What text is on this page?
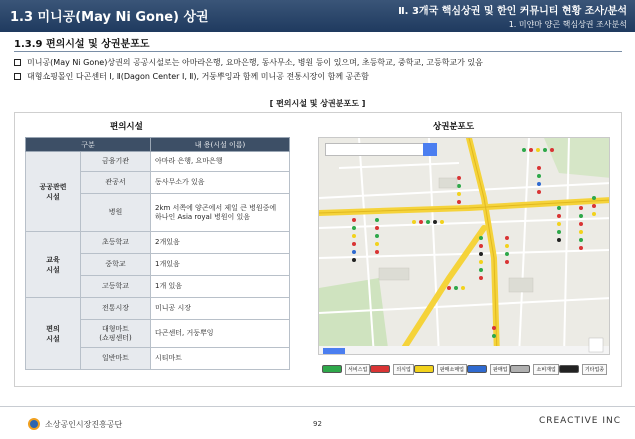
1.3 미니공(May Ni Gone) 상권	Ⅱ. 3개국 핵심상권 및 한인 커뮤니티 현황 조사/분석
1. 미얀마 양곤 핵심상권 조사분석
1.3.9 편의시설 및 상권분포도
미니공(May Ni Gone)상권의 공공시설로는 아마라은행, 요마은행, 동사무소, 병원 등이 있으며, 초등학교, 중학교, 고등학교가 있음
대형쇼핑몰인 다곤센터 Ⅰ, Ⅱ(Dagon Center Ⅰ, Ⅱ), 거둥뿌잉과 함께 미니공 전통시장이 함께 공존함
[ 편의시설 및 상권분포도 ]
편의시설	상권분포도
구분		내 용(시설 이름)
공공관련
시설	금융기관	아마라 은행, 요마은행
	관공서	동사무소가 있음
	병원	2km 서쪽에 양곤에서 제일 큰 병원중에 하나인 Asia royal 병원이 있음
교육
시설	초등학교	2개있음
	중학교	1개있음
	고등학교	1개 있음
편의
시설	전통시장	미니공 시장
	대형마트
(쇼핑센터)	다곤센터, 거둥뿌잉
	일반마트	시티마트
서비스업	의식업	판매소매업	판매업	소비재업	기타업종
소상공인시장진흥공단	92	CREACTIVE INC
